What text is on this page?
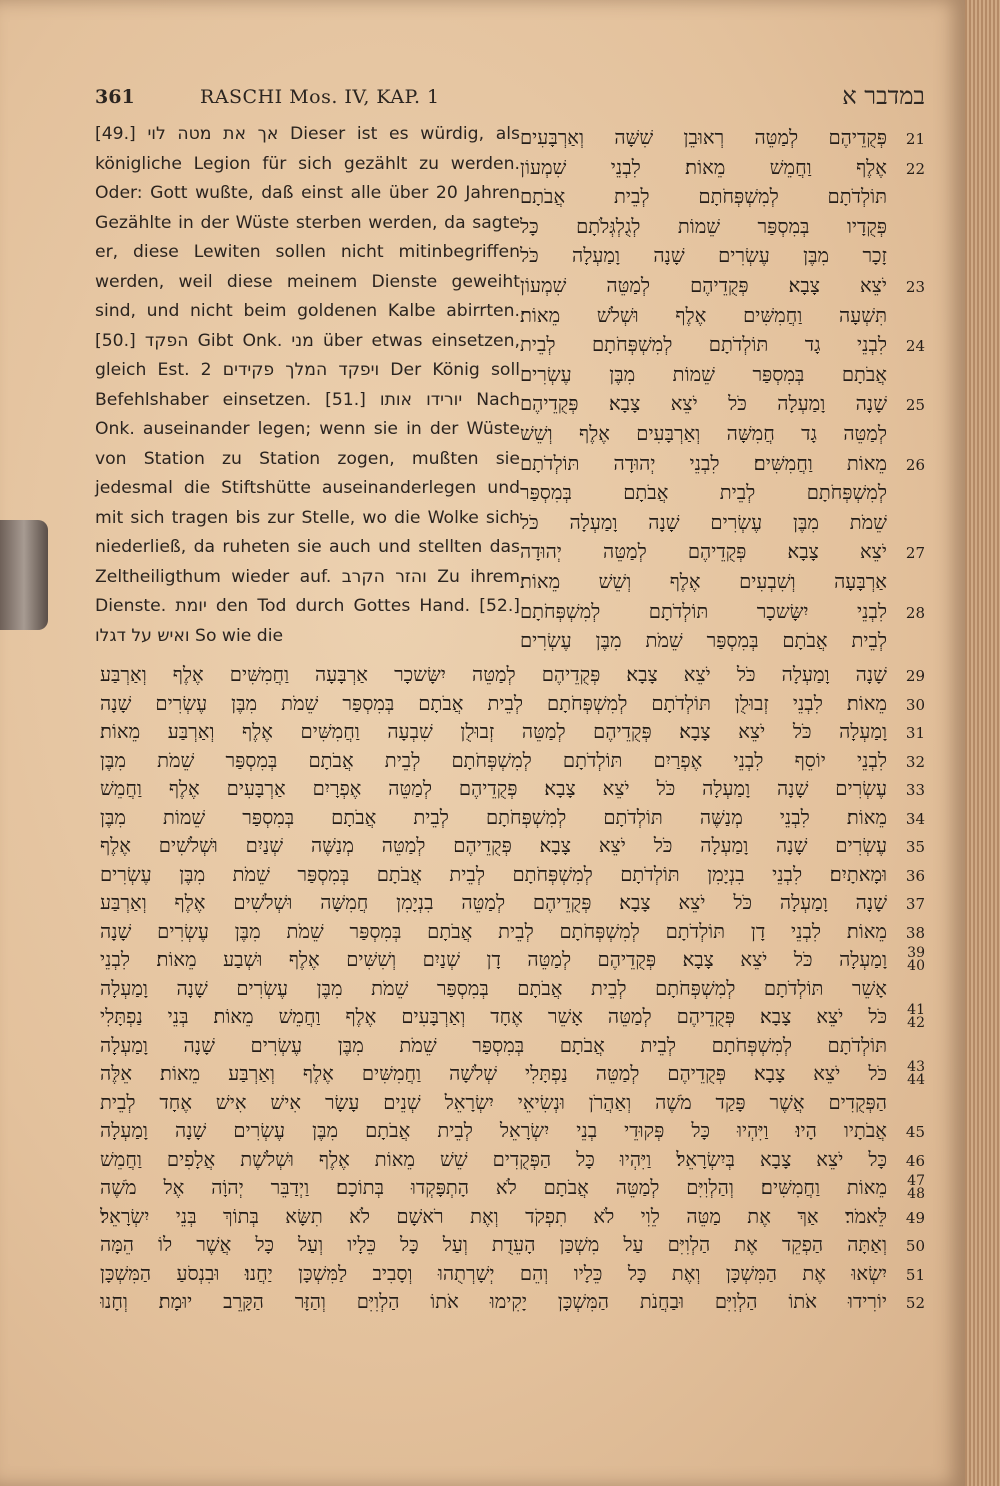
361	RASCHI Mos. IV, KAP. 1	במדבר א

[49.] אך את מטה לוי Dieser ist es würdig, als königliche Legion für sich gezählt zu werden. Oder: Gott wußte, daß einst alle über 20 Jahren Gezählte in der Wüste sterben werden, da sagte er, diese Lewiten sollen nicht mitinbegriffen werden, weil diese meinem Dienste geweiht sind, und nicht beim goldenen Kalbe abirrten. [50.] הפקד Gibt Onk. מני über etwas einsetzen, gleich Est. 2 ויפקד המלך פקידים Der König soll Befehlshaber einsetzen. [51.] יורידו אותו Nach Onk. auseinander legen; wenn sie in der Wüste von Station zu Station zogen, mußten sie jedesmal die Stiftshütte auseinanderlegen und mit sich tragen bis zur Stelle, wo die Wolke sich niederließ, da ruheten sie auch und stellten das Zeltheiligthum wieder auf. והזר הקרב Zu ihrem Dienste. יומת den Tod durch Gottes Hand. [52.] ואיש על דגלו So wie die

פְּקֻדֵיהֶם לְמַטֵּה רְאוּבֵן שִׁשָּׁה וְאַרְבָּעִים	21
אֶלֶף וַחֲמֵשׁ מֵאוֹת׃ לִבְנֵי שִׁמְעוֹן	22
תּוֹלְדֹתָם לְמִשְׁפְּחֹתָם לְבֵית אֲבֹתָם
פְּקֻדָיו בְּמִסְפַּר שֵׁמוֹת לְגֻלְגְּלֹתָם כָּל
זָכָר מִבֶּן עֶשְׂרִים שָׁנָה וָמַעְלָה כֹּל
יֹצֵא צָבָא׃ פְּקֻדֵיהֶם לְמַטֵּה שִׁמְעוֹן	23
תִּשְׁעָה וַחֲמִשִּׁים אֶלֶף וּשְׁלֹשׁ מֵאוֹת׃
לִבְנֵי גָד תּוֹלְדֹתָם לְמִשְׁפְּחֹתָם לְבֵית	24
אֲבֹתָם בְּמִסְפַּר שֵׁמוֹת מִבֶּן עֶשְׂרִים
שָׁנָה וָמַעְלָה כֹּל יֹצֵא צָבָא׃ פְּקֻדֵיהֶם	25
לְמַטֵּה גָד חֲמִשָּׁה וְאַרְבָּעִים אֶלֶף וְשֵׁשׁ
מֵאוֹת וַחֲמִשִּׁים׃ לִבְנֵי יְהוּדָה תּוֹלְדֹתָם	26
לְמִשְׁפְּחֹתָם לְבֵית אֲבֹתָם בְּמִסְפַּר
שֵׁמֹת מִבֶּן עֶשְׂרִים שָׁנָה וָמַעְלָה כֹּל
יֹצֵא צָבָא׃ פְּקֻדֵיהֶם לְמַטֵּה יְהוּדָה	27
אַרְבָּעָה וְשִׁבְעִים אֶלֶף וְשֵׁשׁ מֵאוֹת׃
לִבְנֵי יִשָּׂשכָר תּוֹלְדֹתָם לְמִשְׁפְּחֹתָם	28
לְבֵית אֲבֹתָם בְּמִסְפַּר שֵׁמֹת מִבֶּן עֶשְׂרִים
שָׁנָה וָמַעְלָה כֹּל יֹצֵא צָבָא׃ פְּקֻדֵיהֶם לְמַטֵּה יִשָּׂשכָר אַרְבָּעָה וַחֲמִשִּׁים אֶלֶף וְאַרְבַּע	29
מֵאוֹת׃ לִבְנֵי זְבוּלֻן תּוֹלְדֹתָם לְמִשְׁפְּחֹתָם לְבֵית אֲבֹתָם בְּמִסְפַּר שֵׁמֹת מִבֶּן עֶשְׂרִים שָׁנָה	30
וָמַעְלָה כֹּל יֹצֵא צָבָא׃ פְּקֻדֵיהֶם לְמַטֵּה זְבוּלֻן שִׁבְעָה וַחֲמִשִּׁים אֶלֶף וְאַרְבַּע מֵאוֹת׃	31
לִבְנֵי יוֹסֵף לִבְנֵי אֶפְרַיִם תּוֹלְדֹתָם לְמִשְׁפְּחֹתָם לְבֵית אֲבֹתָם בְּמִסְפַּר שֵׁמֹת מִבֶּן	32
עֶשְׂרִים שָׁנָה וָמַעְלָה כֹּל יֹצֵא צָבָא׃ פְּקֻדֵיהֶם לְמַטֵּה אֶפְרָיִם אַרְבָּעִים אֶלֶף וַחֲמֵשׁ	33
מֵאוֹת׃ לִבְנֵי מְנַשֶּׁה תּוֹלְדֹתָם לְמִשְׁפְּחֹתָם לְבֵית אֲבֹתָם בְּמִסְפַּר שֵׁמוֹת מִבֶּן	34
עֶשְׂרִים שָׁנָה וָמַעְלָה כֹּל יֹצֵא צָבָא׃ פְּקֻדֵיהֶם לְמַטֵּה מְנַשֶּׁה שְׁנַיִם וּשְׁלֹשִׁים אֶלֶף	35
וּמָאתָיִם׃ לִבְנֵי בִנְיָמִן תּוֹלְדֹתָם לְמִשְׁפְּחֹתָם לְבֵית אֲבֹתָם בְּמִסְפַּר שֵׁמֹת מִבֶּן עֶשְׂרִים	36
שָׁנָה וָמַעְלָה כֹּל יֹצֵא צָבָא׃ פְּקֻדֵיהֶם לְמַטֵּה בִנְיָמִן חֲמִשָּׁה וּשְׁלֹשִׁים אֶלֶף וְאַרְבַּע	37
מֵאוֹת׃ לִבְנֵי דָן תּוֹלְדֹתָם לְמִשְׁפְּחֹתָם לְבֵית אֲבֹתָם בְּמִסְפַּר שֵׁמֹת מִבֶּן עֶשְׂרִים שָׁנָה	38
וָמַעְלָה כֹּל יֹצֵא צָבָא׃ פְּקֻדֵיהֶם לְמַטֵּה דָן שְׁנַיִם וְשִׁשִּׁים אֶלֶף וּשְׁבַע מֵאוֹת׃ לִבְנֵי	39
40
אָשֵׁר תּוֹלְדֹתָם לְמִשְׁפְּחֹתָם לְבֵית אֲבֹתָם בְּמִסְפַּר שֵׁמֹת מִבֶּן עֶשְׂרִים שָׁנָה וָמַעְלָה
כֹּל יֹצֵא צָבָא׃ פְּקֻדֵיהֶם לְמַטֵּה אָשֵׁר אֶחָד וְאַרְבָּעִים אֶלֶף וַחֲמֵשׁ מֵאוֹת׃ בְּנֵי נַפְתָּלִי	41
42
תּוֹלְדֹתָם לְמִשְׁפְּחֹתָם לְבֵית אֲבֹתָם בְּמִסְפַּר שֵׁמֹת מִבֶּן עֶשְׂרִים שָׁנָה וָמַעְלָה
כֹּל יֹצֵא צָבָא׃ פְּקֻדֵיהֶם לְמַטֵּה נַפְתָּלִי שְׁלֹשָׁה וַחֲמִשִּׁים אֶלֶף וְאַרְבַּע מֵאוֹת׃ אֵלֶּה	43
44
הַפְּקֻדִים אֲשֶׁר פָּקַד מֹשֶׁה וְאַהֲרֹן וּנְשִׂיאֵי יִשְׂרָאֵל שְׁנֵים עָשָׂר אִישׁ אִישׁ אֶחָד לְבֵית
אֲבֹתָיו הָיוּ׃ וַיִּהְיוּ כָּל פְּקוּדֵי בְנֵי יִשְׂרָאֵל לְבֵית אֲבֹתָם מִבֶּן עֶשְׂרִים שָׁנָה וָמַעְלָה	45
כָּל יֹצֵא צָבָא בְּיִשְׂרָאֵל׃ וַיִּהְיוּ כָּל הַפְּקֻדִים שֵׁשׁ מֵאוֹת אֶלֶף וּשְׁלֹשֶׁת אֲלָפִים וַחֲמֵשׁ	46
מֵאוֹת וַחֲמִשִּׁים׃ וְהַלְוִיִּם לְמַטֵּה אֲבֹתָם לֹא הָתְפָּקְדוּ בְּתוֹכָם׃ וַיְדַבֵּר יְהוָֹה אֶל מֹשֶׁה	47
48
לֵּאמֹר׃ אַךְ אֶת מַטֵּה לֵוִי לֹא תִפְקֹד וְאֶת רֹאשָׁם לֹא תִשָּׂא בְּתוֹךְ בְּנֵי יִשְׂרָאֵל׃	49
וְאַתָּה הַפְקֵד אֶת הַלְוִיִּם עַל מִשְׁכַּן הָעֵדֻת וְעַל כָּל כֵּלָיו וְעַל כָּל אֲשֶׁר לוֹ הֵמָּה	50
יִשְׂאוּ אֶת הַמִּשְׁכָּן וְאֶת כָּל כֵּלָיו וְהֵם יְשָׁרְתֻהוּ וְסָבִיב לַמִּשְׁכָּן יַחֲנוּ׃ וּבִנְסֹעַ הַמִּשְׁכָּן	51
יוֹרִידוּ אֹתוֹ הַלְוִיִּם וּבַחֲנֹת הַמִּשְׁכָּן יָקִימוּ אֹתוֹ הַלְוִיִּם וְהַזָּר הַקָּרֵב יוּמָת׃ וְחָנוּ	52
